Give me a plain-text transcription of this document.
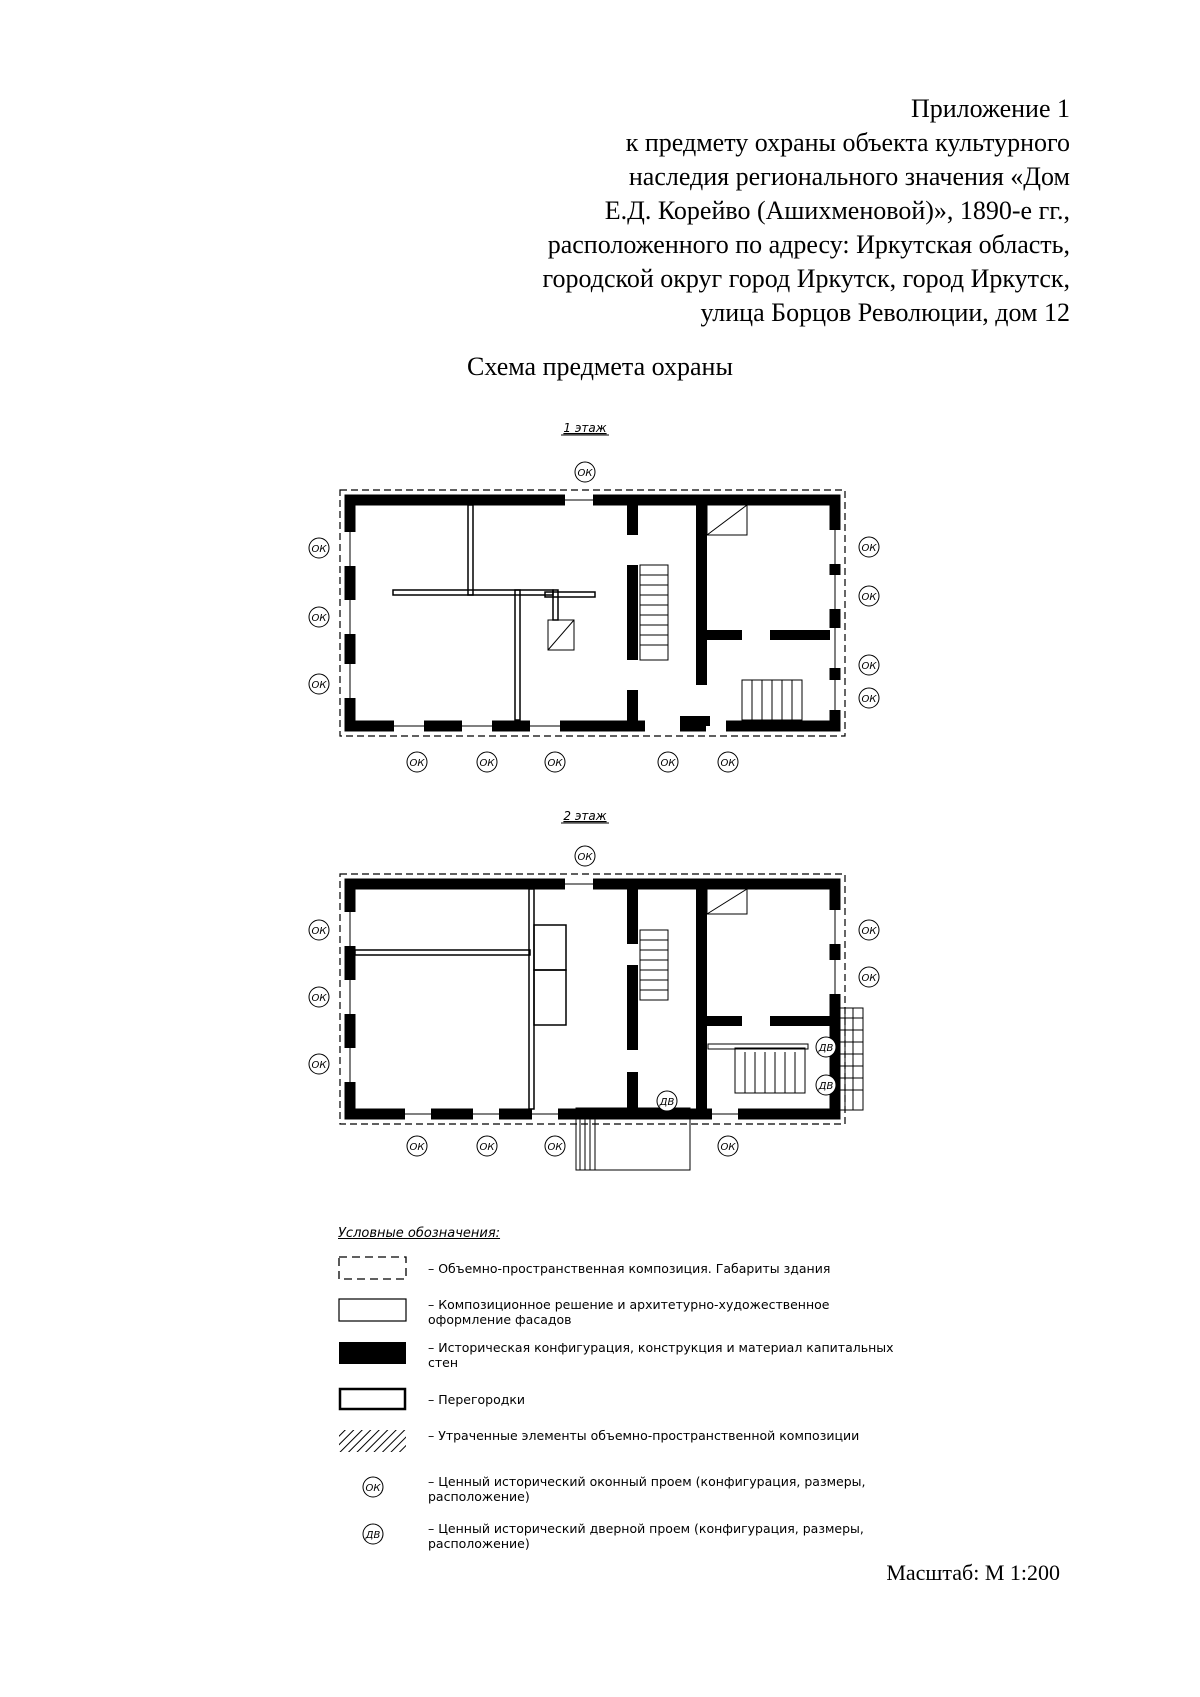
Приложение 1
к предмету охраны объекта культурного
наследия регионального значения «Дом
Е.Д. Корейво (Ашихменовой)», 1890-е гг.,
расположенного по адресу: Иркутская область,
городской округ город Иркутск, город Иркутск,
улица Борцов Революции, дом 12
Схема предмета охраны
1 этаж
ОК
ОК
ОК
ОК
ОК
ОК
ОК
ОК
ОК	ОК	ОК	ОК	ОК
2 этаж
ОК
ОК
ОК
ОК
ОК
ОК
ДВ
ДВ
ДВ
ОК	ОК	ОК	ОК
Условные обозначения:
– Объемно-пространственная композиция. Габариты здания
– Композиционное решение и архитетурно-художественное оформление фасадов
– Историческая конфигурация, конструкция и материал капитальных стен
– Перегородки
– Утраченные элементы объемно-пространственной композиции
ОК	– Ценный исторический оконный проем (конфигурация, размеры, расположение)
ДВ	– Ценный исторический дверной проем (конфигурация, размеры, расположение)
Масштаб: М 1:200
